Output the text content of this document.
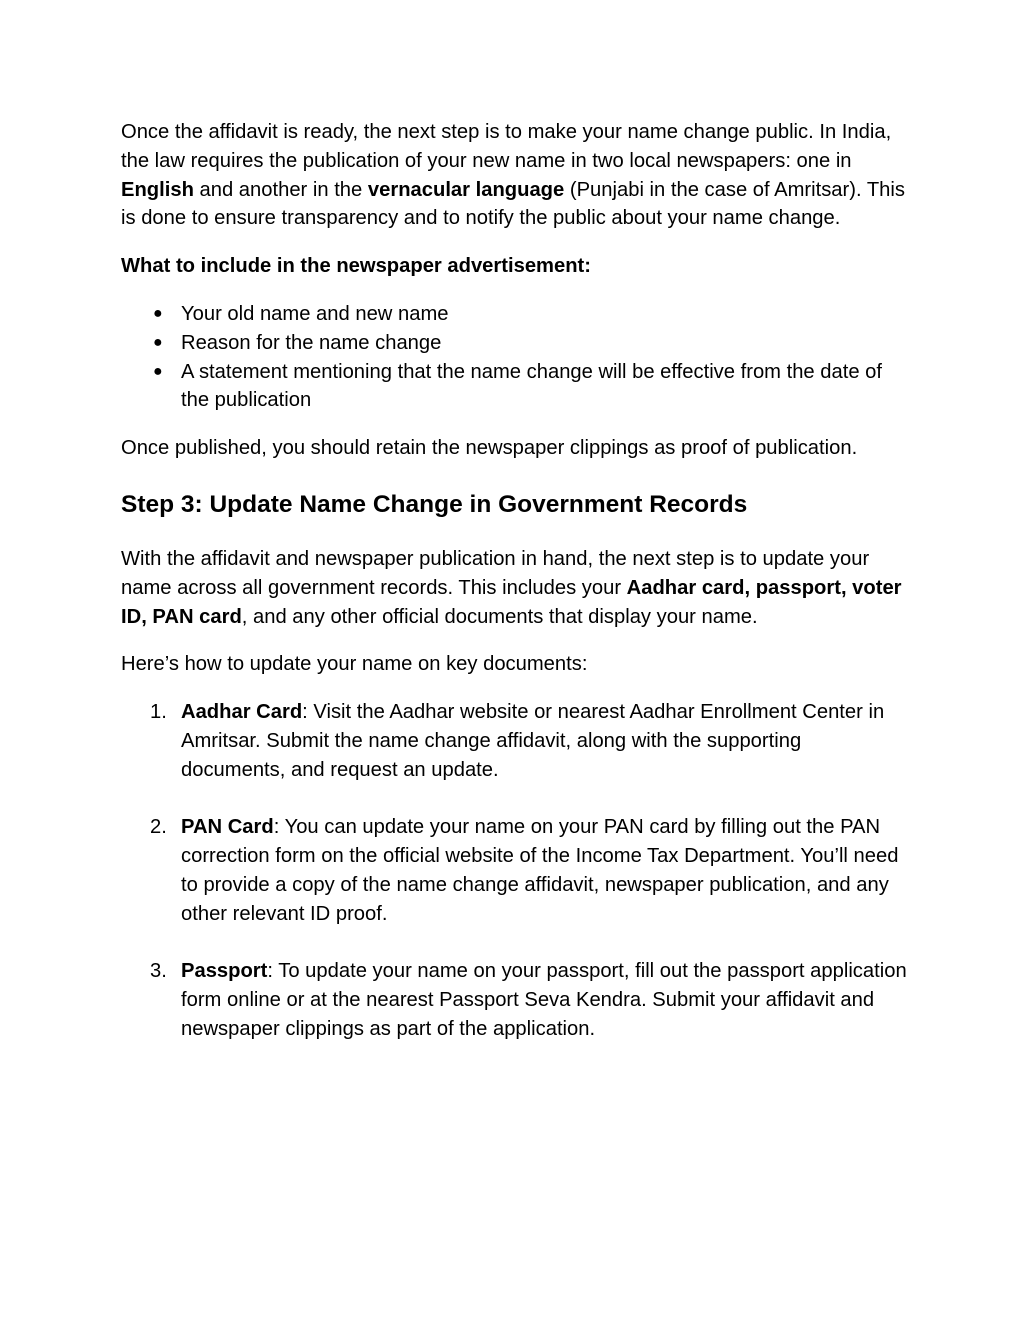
Once the affidavit is ready, the next step is to make your name change public. In India, the law requires the publication of your new name in two local newspapers: one in English and another in the vernacular language (Punjabi in the case of Amritsar). This is done to ensure transparency and to notify the public about your name change.

What to include in the newspaper advertisement:

● Your old name and new name
● Reason for the name change
● A statement mentioning that the name change will be effective from the date of the publication

Once published, you should retain the newspaper clippings as proof of publication.

Step 3: Update Name Change in Government Records

With the affidavit and newspaper publication in hand, the next step is to update your name across all government records. This includes your Aadhar card, passport, voter ID, PAN card, and any other official documents that display your name.

Here’s how to update your name on key documents:

1. Aadhar Card: Visit the Aadhar website or nearest Aadhar Enrollment Center in Amritsar. Submit the name change affidavit, along with the supporting documents, and request an update.
2. PAN Card: You can update your name on your PAN card by filling out the PAN correction form on the official website of the Income Tax Department. You’ll need to provide a copy of the name change affidavit, newspaper publication, and any other relevant ID proof.
3. Passport: To update your name on your passport, fill out the passport application form online or at the nearest Passport Seva Kendra. Submit your affidavit and newspaper clippings as part of the application.
